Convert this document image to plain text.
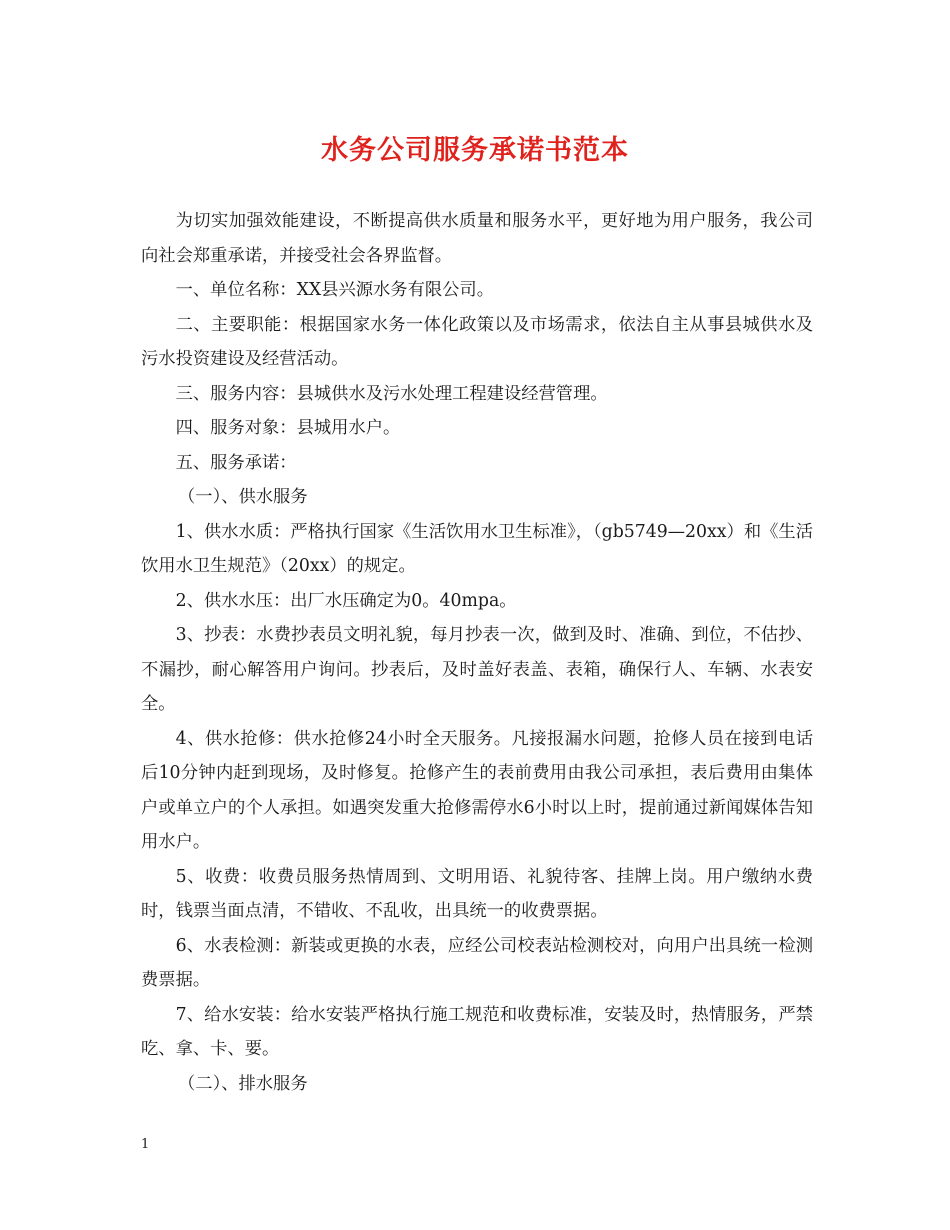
水务公司服务承诺书范本

为切实加强效能建设，不断提高供水质量和服务水平，更好地为用户服务，我公司向社会郑重承诺，并接受社会各界监督。

一、单位名称：XX县兴源水务有限公司。

二、主要职能：根据国家水务一体化政策以及市场需求，依法自主从事县城供水及污水投资建设及经营活动。

三、服务内容：县城供水及污水处理工程建设经营管理。

四、服务对象：县城用水户。

五、服务承诺：

（一）、供水服务

1、供水水质：严格执行国家《生活饮用水卫生标准》，（gb5749—20xx）和《生活饮用水卫生规范》（20xx）的规定。

2、供水水压：出厂水压确定为0。40mpa。

3、抄表：水费抄表员文明礼貌，每月抄表一次，做到及时、准确、到位，不估抄、不漏抄，耐心解答用户询问。抄表后，及时盖好表盖、表箱，确保行人、车辆、水表安全。

4、供水抢修：供水抢修24小时全天服务。凡接报漏水问题，抢修人员在接到电话后10分钟内赶到现场，及时修复。抢修产生的表前费用由我公司承担，表后费用由集体户或单立户的个人承担。如遇突发重大抢修需停水6小时以上时，提前通过新闻媒体告知用水户。

5、收费：收费员服务热情周到、文明用语、礼貌待客、挂牌上岗。用户缴纳水费时，钱票当面点清，不错收、不乱收，出具统一的收费票据。

6、水表检测：新装或更换的水表，应经公司校表站检测校对，向用户出具统一检测费票据。

7、给水安装：给水安装严格执行施工规范和收费标准，安装及时，热情服务，严禁吃、拿、卡、要。

（二）、排水服务

1
